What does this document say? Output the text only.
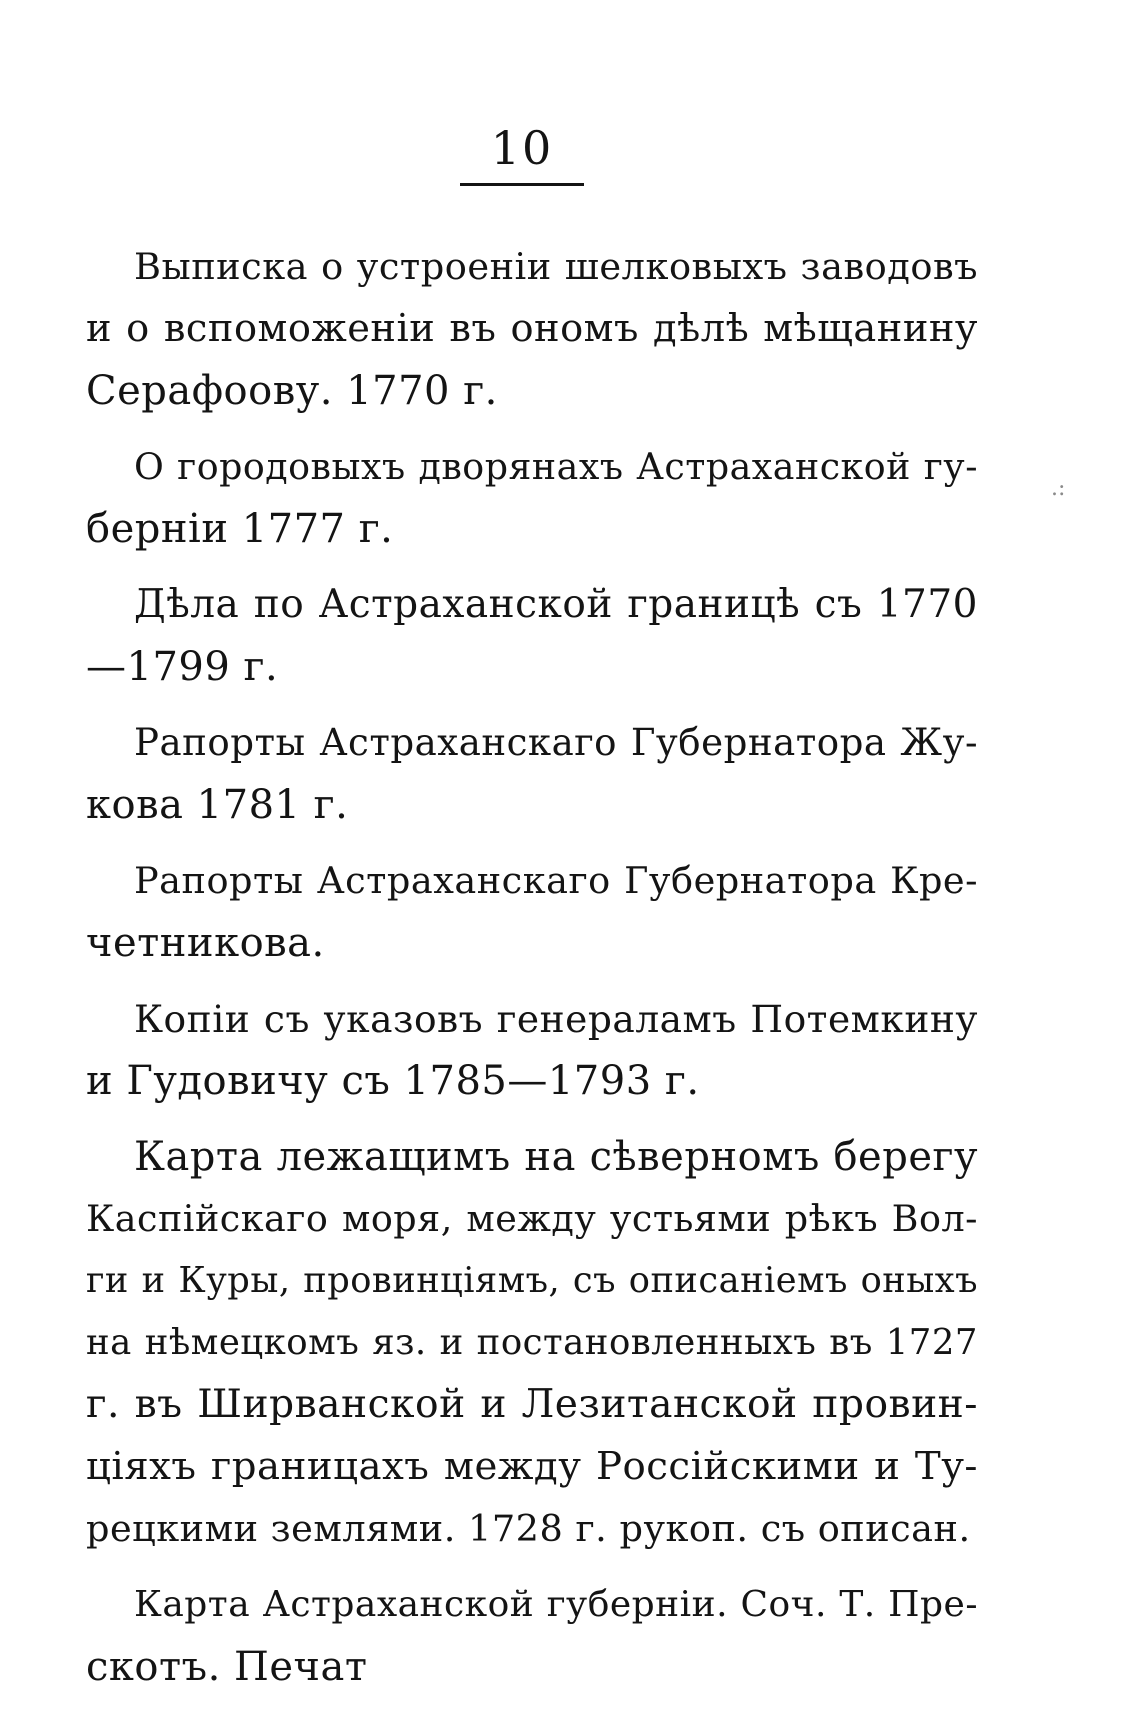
10
.:
Выписка о устроенiи шелковыхъ заводовъ
и о вспоможенiи въ ономъ дѣлѣ мѣщанину
Серафоову. 1770 г.
О городовыхъ дворянахъ Астраханской гу-
бернiи 1777 г.
Дѣла по Астраханской границѣ съ 1770
—1799 г.
Рапорты Астраханскаго Губернатора Жу-
кова 1781 г.
Рапорты Астраханскаго Губернатора Кре-
четникова.
Копiи съ указовъ генераламъ Потемкину
и Гудовичу съ 1785—1793 г.
Карта лежащимъ на сѣверномъ берегу
Каспiйскаго моря, между устьями рѣкъ Вол-
ги и Куры, провинцiямъ, съ описанiемъ оныхъ
на нѣмецкомъ яз. и постановленныхъ въ 1727
г. въ Ширванской и Лезитанской провин-
цiяхъ границахъ между Россiйскими и Ту-
рецкими землями. 1728 г. рукоп. съ описан.
Карта Астраханской губернiи. Соч. Т. Пре-
скотъ. Печат
